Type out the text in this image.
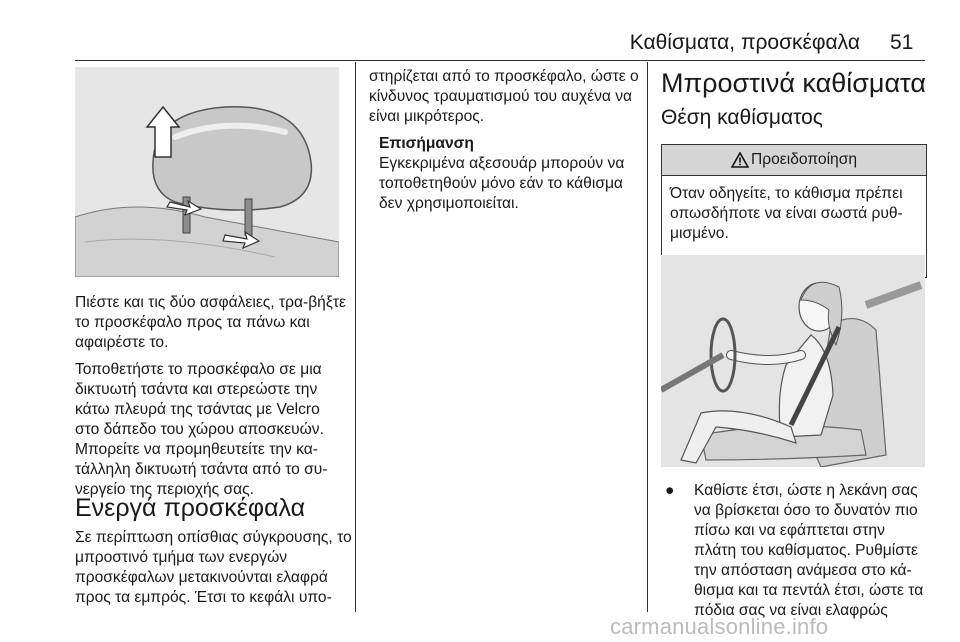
Καθίσματα, προσκέφαλα 51

Πιέστε και τις δύο ασφάλειες, τρα-βήξτε το προσκέφαλο προς τα πάνω και αφαιρέστε το.

Τοποθετήστε το προσκέφαλο σε μια δικτυωτή τσάντα και στερεώστε την κάτω πλευρά της τσάντας με Velcro στο δάπεδο του χώρου αποσκευών.

Μπορείτε να προμηθευτείτε την κα-τάλληλη δικτυωτή τσάντα από το συ-νεργείο της περιοχής σας.

Ενεργά προσκέφαλα

Σε περίπτωση οπίσθιας σύγκρουσης, το μπροστινό τμήμα των ενεργών προσκέφαλων μετακινούνται ελαφρά προς τα εμπρός. Έτσι το κεφάλι υπο-

στηρίζεται από το προσκέφαλο, ώστε ο κίνδυνος τραυματισμού του αυχένα να είναι μικρότερος.

Επισήμανση
Εγκεκριμένα αξεσουάρ μπορούν να τοποθετηθούν μόνο εάν το κάθισμα δεν χρησιμοποιείται.
Μπροστινά καθίσματα
Θέση καθίσματος
Προειδοποίηση
Όταν οδηγείτε, το κάθισμα πρέπει οπωσδήποτε να είναι σωστά ρυθ-μισμένο.
● Καθίστε έτσι, ώστε η λεκάνη σας να βρίσκεται όσο το δυνατόν πιο πίσω και να εφάπτεται στην πλάτη του καθίσματος. Ρυθμίστε την απόσταση ανάμεσα στο κά-θισμα και τα πεντάλ έτσι, ώστε τα πόδια σας να είναι ελαφρώς
carmanualsonline.info
